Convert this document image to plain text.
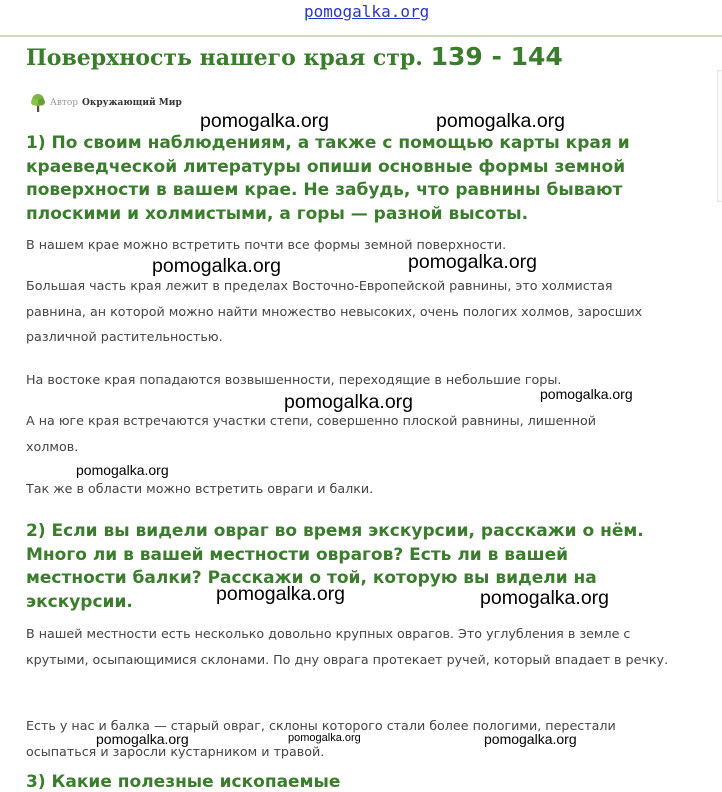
pomogalka.org
Поверхность нашего края стр. 139 - 144
Автор Окружающий Мир
1) По своим наблюдениям, а также с помощью карты края и краеведческой литературы опиши основные формы земной поверхности в вашем крае. Не забудь, что равнины бывают плоскими и холмистыми, а горы — разной высоты.

В нашем крае можно встретить почти все формы земной поверхности.

Большая часть края лежит в пределах Восточно-Европейской равнины, это холмистая равнина, ан которой можно найти множество невысоких, очень пологих холмов, заросших различной растительностью.

На востоке края попадаются возвышенности, переходящие в небольшие горы.

А на юге края встречаются участки степи, совершенно плоской равнины, лишенной холмов.

Так же в области можно встретить овраги и балки.

2) Если вы видели овраг во время экскурсии, расскажи о нём. Много ли в вашей местности оврагов? Есть ли в вашей местности балки? Расскажи о той, которую вы видели на экскурсии.

В нашей местности есть несколько довольно крупных оврагов. Это углубления в земле с крутыми, осыпающимися склонами. По дну оврага протекает ручей, который впадает в речку.

Есть у нас и балка — старый овраг, склоны которого стали более пологими, перестали осыпаться и заросли кустарником и травой.

3) Какие полезные ископаемые
pomogalka.org	pomogalka.org
pomogalka.org	pomogalka.org
pomogalka.org	pomogalka.org
pomogalka.org
pomogalka.org	pomogalka.org
pomogalka.org	pomogalka.org	pomogalka.org
